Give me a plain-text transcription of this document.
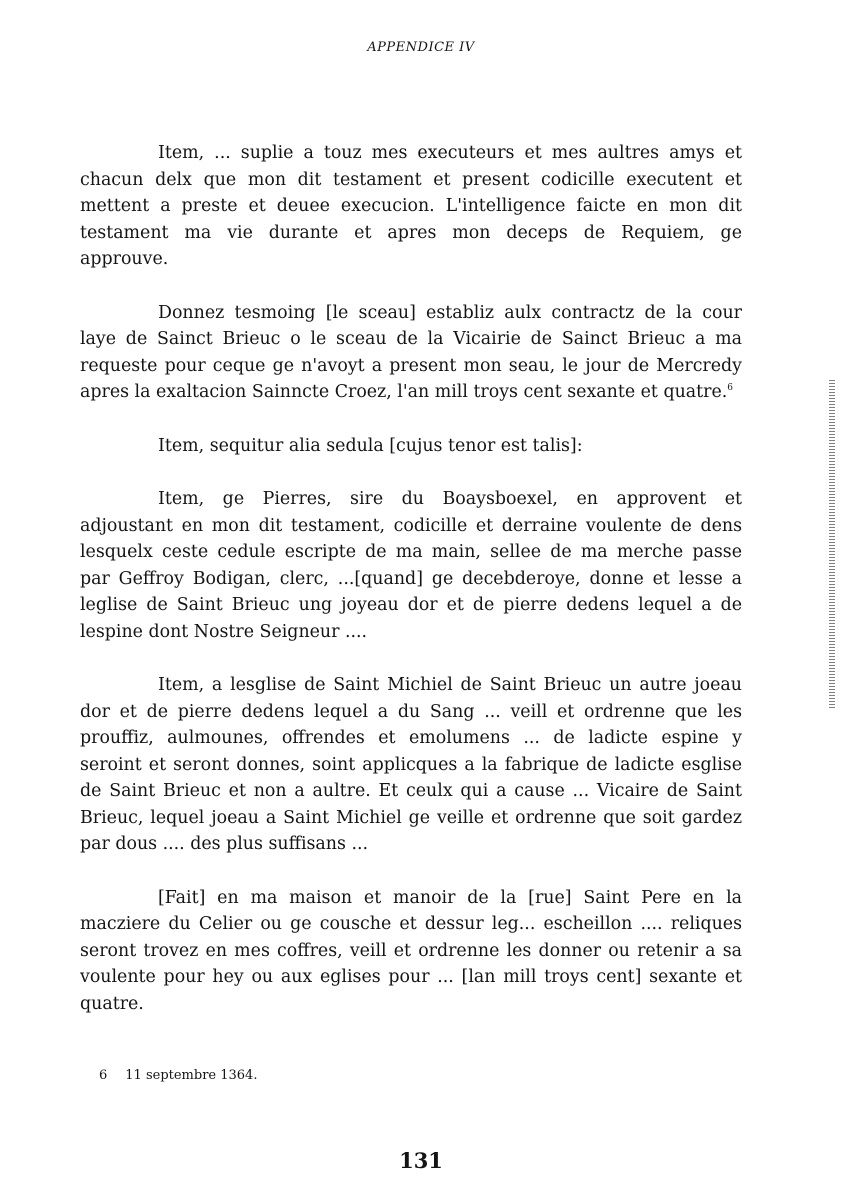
APPENDICE IV

Item, ... suplie a touz mes executeurs et mes aultres amys et
chacun delx que mon dit testament et present codicille executent et
mettent a preste et deuee execucion. L'intelligence faicte en mon dit
testament ma vie durante et apres mon deceps de Requiem, ge
approuve.

Donnez tesmoing [le sceau] establiz aulx contractz de la cour
laye de Sainct Brieuc o le sceau de la Vicairie de Sainct Brieuc a ma
requeste pour ceque ge n'avoyt a present mon seau, le jour de Mercredy
apres la exaltacion Sainncte Croez, l'an mill troys cent sexante et quatre.$^6$

Item, sequitur alia sedula [cujus tenor est talis]:

Item, ge Pierres, sire du Boaysboexel, en approvent et
adjoustant en mon dit testament, codicille et derraine voulente de dens
lesquelx ceste cedule escripte de ma main, sellee de ma merche passe
par Geffroy Bodigan, clerc, ...[quand] ge decebderoye, donne et lesse a
leglise de Saint Brieuc ung joyeau dor et de pierre dedens lequel a de
lespine dont Nostre Seigneur ....

Item, a lesglise de Saint Michiel de Saint Brieuc un autre joeau
dor et de pierre dedens lequel a du Sang ... veill et ordrenne que les
prouffiz, aulmounes, offrendes et emolumens ... de ladicte espine y
seroint et seront donnes, soint applicques a la fabrique de ladicte esglise
de Saint Brieuc et non a aultre. Et ceulx qui a cause ... Vicaire de Saint
Brieuc, lequel joeau a Saint Michiel ge veille et ordrenne que soit gardez
par dous .... des plus suffisans ...

[Fait] en ma maison et manoir de la [rue] Saint Pere en la
macziere du Celier ou ge cousche et dessur leg... escheillon .... reliques
seront trovez en mes coffres, veill et ordrenne les donner ou retenir a sa
voulente pour hey ou aux eglises pour ... [lan mill troys cent] sexante et
quatre.

6 11 septembre 1364.
131
